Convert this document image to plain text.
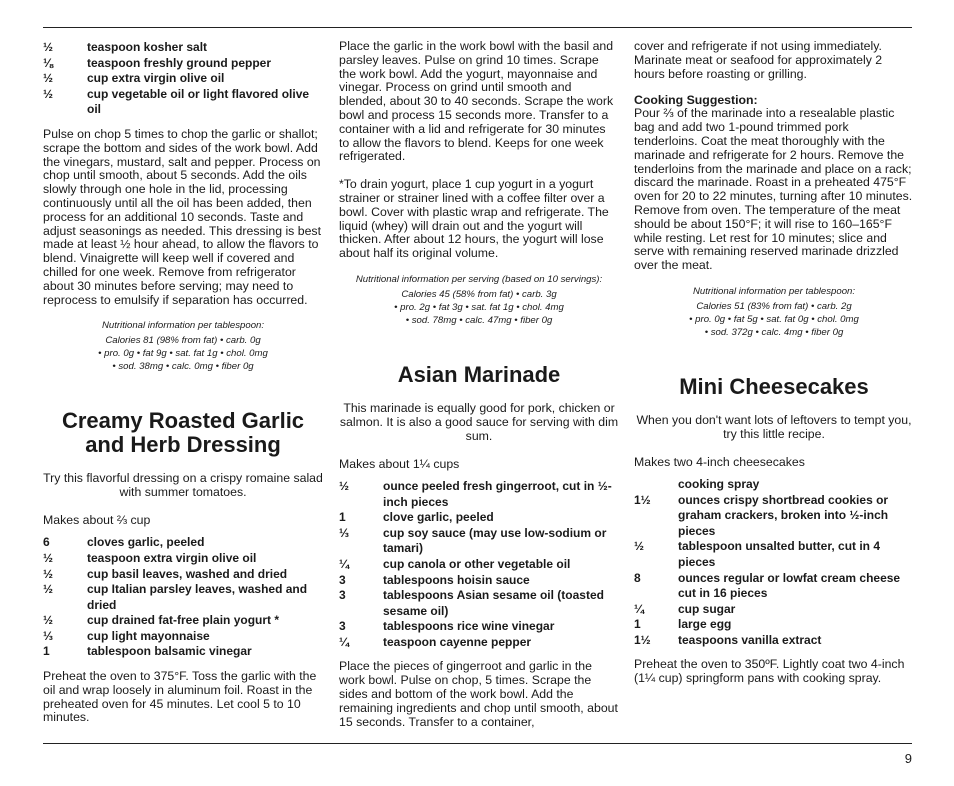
½	teaspoon kosher salt
⅛	teaspoon freshly ground pepper
½	cup extra virgin olive oil
½	cup vegetable oil or light flavored olive oil

Pulse on chop 5 times to chop the garlic or shallot; scrape the bottom and sides of the work bowl. Add the vinegars, mustard, salt and pepper. Process on chop until smooth, about 5 seconds. Add the oils slowly through one hole in the lid, processing continuously until all the oil has been added, then process for an additional 10 seconds. Taste and adjust seasonings as needed. This dressing is best made at least ½ hour ahead, to allow the flavors to blend. Vinaigrette will keep well if covered and chilled for one week. Remove from refrigerator about 30 minutes before serving; may need to reprocess to emulsify if separation has occurred.

Nutritional information per tablespoon:
Calories 81 (98% from fat) • carb. 0g
• pro. 0g • fat 9g • sat. fat 1g • chol. 0mg
• sod. 38mg • calc. 0mg • fiber 0g
Creamy Roasted Garlic and Herb Dressing
Try this flavorful dressing on a crispy romaine salad with summer tomatoes.
Makes about ⅔ cup
6	cloves garlic, peeled
½	teaspoon extra virgin olive oil
½	cup basil leaves, washed and dried
½	cup Italian parsley leaves, washed and dried
½	cup drained fat-free plain yogurt *
⅓	cup light mayonnaise
1	tablespoon balsamic vinegar

Preheat the oven to 375°F. Toss the garlic with the oil and wrap loosely in aluminum foil. Roast in the preheated oven for 45 minutes. Let cool 5 to 10 minutes.

Place the garlic in the work bowl with the basil and parsley leaves. Pulse on grind 10 times. Scrape the work bowl. Add the yogurt, mayonnaise and vinegar. Process on grind until smooth and blended, about 30 to 40 seconds. Scrape the work bowl and process 15 seconds more. Transfer to a container with a lid and refrigerate for 30 minutes to allow the flavors to blend. Keeps for one week refrigerated.

*To drain yogurt, place 1 cup yogurt in a yogurt strainer or strainer lined with a coffee filter over a bowl. Cover with plastic wrap and refrigerate. The liquid (whey) will drain out and the yogurt will thicken. After about 12 hours, the yogurt will lose about half its original volume.

Nutritional information per serving (based on 10 servings):
Calories 45 (58% from fat) • carb. 3g
• pro. 2g • fat 3g • sat. fat 1g • chol. 4mg
• sod. 78mg • calc. 47mg • fiber 0g
Asian Marinade
This marinade is equally good for pork, chicken or salmon. It is also a good sauce for serving with dim sum.
Makes about 1¼ cups
½	ounce peeled fresh gingerroot, cut in ½-inch pieces
1	clove garlic, peeled
⅓	cup soy sauce (may use low-sodium or tamari)
¼	cup canola or other vegetable oil
3	tablespoons hoisin sauce
3	tablespoons Asian sesame oil (toasted sesame oil)
3	tablespoons rice wine vinegar
¼	teaspoon cayenne pepper

Place the pieces of gingerroot and garlic in the work bowl. Pulse on chop, 5 times. Scrape the sides and bottom of the work bowl. Add the remaining ingredients and chop until smooth, about 15 seconds. Transfer to a container,

cover and refrigerate if not using immediately. Marinate meat or seafood for approximately 2 hours before roasting or grilling.

Cooking Suggestion:

Pour ⅔ of the marinade into a resealable plastic bag and add two 1-pound trimmed pork tenderloins. Coat the meat thoroughly with the marinade and refrigerate for 2 hours. Remove the tenderloins from the marinade and place on a rack; discard the marinade. Roast in a preheated 475°F oven for 20 to 22 minutes, turning after 10 minutes. Remove from oven. The temperature of the meat should be about 150°F; it will rise to 160–165°F while resting. Let rest for 10 minutes; slice and serve with remaining reserved marinade drizzled over the meat.

Nutritional information per tablespoon:
Calories 51 (83% from fat) • carb. 2g
• pro. 0g • fat 5g • sat. fat 0g • chol. 0mg
• sod. 372g • calc. 4mg • fiber 0g
Mini Cheesecakes
When you don't want lots of leftovers to tempt you, try this little recipe.
Makes two 4-inch cheesecakes
cooking spray
1½	ounces crispy shortbread cookies or graham crackers, broken into ½-inch pieces
½	tablespoon unsalted butter, cut in 4 pieces
8	ounces regular or lowfat cream cheese cut in 16 pieces
¼	cup sugar
1	large egg
1½	teaspoons vanilla extract

Preheat the oven to 350ºF. Lightly coat two 4-inch (1¼ cup) springform pans with cooking spray.

9
